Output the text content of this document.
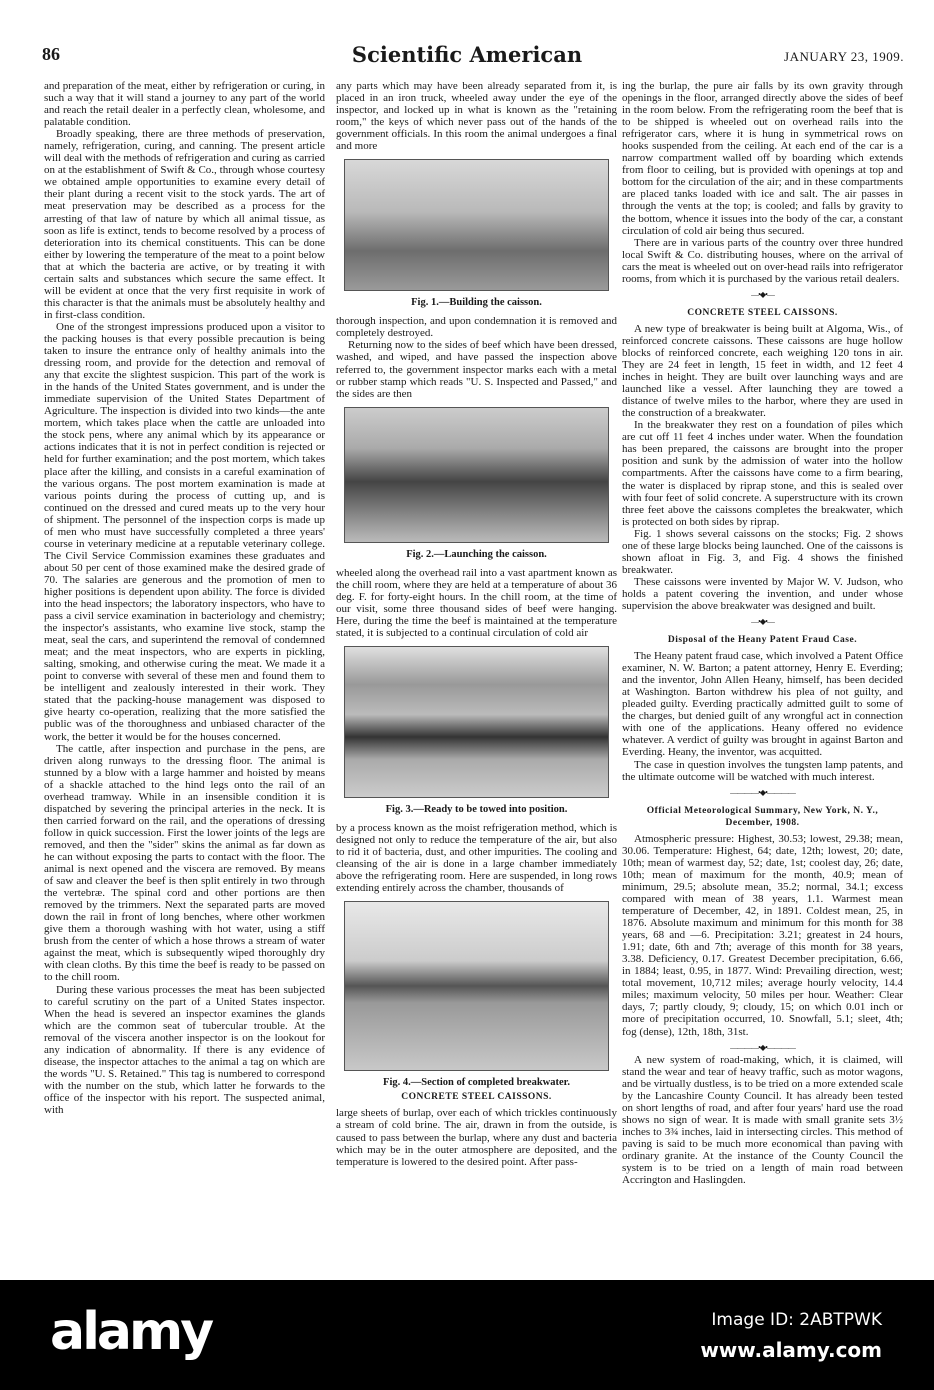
86	Scientific American	JANUARY 23, 1909.

and preparation of the meat, either by refrigeration or curing, in such a way that it will stand a journey to any part of the world and reach the retail dealer in a perfectly clean, wholesome, and palatable condition.

Broadly speaking, there are three methods of preservation, namely, refrigeration, curing, and canning. The present article will deal with the methods of refrigeration and curing as carried on at the establishment of Swift & Co., through whose courtesy we obtained ample opportunities to examine every detail of their plant during a recent visit to the stock yards. The art of meat preservation may be described as a process for the arresting of that law of nature by which all animal tissue, as soon as life is extinct, tends to become resolved by a process of deterioration into its chemical constituents. This can be done either by lowering the temperature of the meat to a point below that at which the bacteria are active, or by treating it with certain salts and substances which secure the same effect. It will be evident at once that the very first requisite in work of this character is that the animals must be absolutely healthy and in first-class condition.

One of the strongest impressions produced upon a visitor to the packing houses is that every possible precaution is being taken to insure the entrance only of healthy animals into the dressing room, and provide for the detection and removal of any that excite the slightest suspicion. This part of the work is in the hands of the United States government, and is under the immediate supervision of the United States Department of Agriculture. The inspection is divided into two kinds—the ante mortem, which takes place when the cattle are unloaded into the stock pens, where any animal which by its appearance or actions indicates that it is not in perfect condition is rejected or held for further examination; and the post mortem, which takes place after the killing, and consists in a careful examination of the various organs. The post mortem examination is made at various points during the process of cutting up, and is continued on the dressed and cured meats up to the very hour of shipment. The personnel of the inspection corps is made up of men who must have successfully completed a three years' course in veterinary medicine at a reputable veterinary college. The Civil Service Commission examines these graduates and about 50 per cent of those examined make the desired grade of 70. The salaries are generous and the promotion of men to higher positions is dependent upon ability. The force is divided into the head inspectors; the laboratory inspectors, who have to pass a civil service examination in bacteriology and chemistry; the inspector's assistants, who examine live stock, stamp the meat, seal the cars, and superintend the removal of condemned meat; and the meat inspectors, who are experts in pickling, salting, smoking, and otherwise curing the meat. We made it a point to converse with several of these men and found them to be intelligent and zealously interested in their work. They stated that the packing-house management was disposed to give hearty co-operation, realizing that the more satisfied the public was of the thoroughness and unbiased character of the work, the better it would be for the houses concerned.

The cattle, after inspection and purchase in the pens, are driven along runways to the dressing floor. The animal is stunned by a blow with a large hammer and hoisted by means of a shackle attached to the hind legs onto the rail of an overhead tramway. While in an insensible condition it is dispatched by severing the principal arteries in the neck. It is then carried forward on the rail, and the operations of dressing follow in quick succession. First the lower joints of the legs are removed, and then the "sider" skins the animal as far down as he can without exposing the parts to contact with the floor. The animal is next opened and the viscera are removed. By means of saw and cleaver the beef is then split entirely in two through the vertebræ. The spinal cord and other portions are then removed by the trimmers. Next the separated parts are moved down the rail in front of long benches, where other workmen give them a thorough washing with hot water, using a stiff brush from the center of which a hose throws a stream of water against the meat, which is subsequently wiped thoroughly dry with clean cloths. By this time the beef is ready to be passed on to the chill room.

During these various processes the meat has been subjected to careful scrutiny on the part of a United States inspector. When the head is severed an inspector examines the glands which are the common seat of tubercular trouble. At the removal of the viscera another inspector is on the lookout for any indication of abnormality. If there is any evidence of disease, the inspector attaches to the animal a tag on which are the words "U. S. Retained." This tag is numbered to correspond with the number on the stub, which latter he forwards to the office of the inspector with his report. The suspected animal, with

any parts which may have been already separated from it, is placed in an iron truck, wheeled away under the eye of the inspector, and locked up in what is known as the "retaining room," the keys of which never pass out of the hands of the government officials. In this room the animal undergoes a final and more

Fig. 1.—Building the caisson.

thorough inspection, and upon condemnation it is removed and completely destroyed.

Returning now to the sides of beef which have been dressed, washed, and wiped, and have passed the inspection above referred to, the government inspector marks each with a metal or rubber stamp which reads "U. S. Inspected and Passed," and the sides are then

Fig. 2.—Launching the caisson.

wheeled along the overhead rail into a vast apartment known as the chill room, where they are held at a temperature of about 36 deg. F. for forty-eight hours. In the chill room, at the time of our visit, some three thousand sides of beef were hanging. Here, during the time the beef is maintained at the temperature stated, it is subjected to a continual circulation of cold air

Fig. 3.—Ready to be towed into position.

by a process known as the moist refrigeration method, which is designed not only to reduce the temperature of the air, but also to rid it of bacteria, dust, and other impurities. The cooling and cleansing of the air is done in a large chamber immediately above the refrigerating room. Here are suspended, in long rows extending entirely across the chamber, thousands of

Fig. 4.—Section of completed breakwater.
CONCRETE STEEL CAISSONS.

large sheets of burlap, over each of which trickles continuously a stream of cold brine. The air, drawn in from the outside, is caused to pass between the burlap, where any dust and bacteria which may be in the outer atmosphere are deposited, and the temperature is lowered to the desired point. After pass-

ing the burlap, the pure air falls by its own gravity through openings in the floor, arranged directly above the sides of beef in the room below. From the refrigerating room the beef that is to be shipped is wheeled out on overhead rails into the refrigerator cars, where it is hung in symmetrical rows on hooks suspended from the ceiling. At each end of the car is a narrow compartment walled off by boarding which extends from floor to ceiling, but is provided with openings at top and bottom for the circulation of the air; and in these compartments are placed tanks loaded with ice and salt. The air passes in through the vents at the top; is cooled; and falls by gravity to the bottom, whence it issues into the body of the car, a constant circulation of cold air being thus secured.

There are in various parts of the country over three hundred local Swift & Co. distributing houses, where on the arrival of cars the meat is wheeled out on over-head rails into refrigerator rooms, from which it is purchased by the various retail dealers.

—•◆•—
CONCRETE STEEL CAISSONS.

A new type of breakwater is being built at Algoma, Wis., of reinforced concrete caissons. These caissons are huge hollow blocks of reinforced concrete, each weighing 120 tons in air. They are 24 feet in length, 15 feet in width, and 12 feet 4 inches in height. They are built over launching ways and are launched like a vessel. After launching they are towed a distance of twelve miles to the harbor, where they are used in the construction of a breakwater.

In the breakwater they rest on a foundation of piles which are cut off 11 feet 4 inches under water. When the foundation has been prepared, the caissons are brought into the proper position and sunk by the admission of water into the hollow compartments. After the caissons have come to a firm bearing, the water is displaced by riprap stone, and this is sealed over with four feet of solid concrete. A superstructure with its crown three feet above the caissons completes the breakwater, which is protected on both sides by riprap.

Fig. 1 shows several caissons on the stocks; Fig. 2 shows one of these large blocks being launched. One of the caissons is shown afloat in Fig. 3, and Fig. 4 shows the finished breakwater.

These caissons were invented by Major W. V. Judson, who holds a patent covering the invention, and under whose supervision the above breakwater was designed and built.

—•◆•—
Disposal of the Heany Patent Fraud Case.

The Heany patent fraud case, which involved a Patent Office examiner, N. W. Barton; a patent attorney, Henry E. Everding; and the inventor, John Allen Heany, himself, has been decided at Washington. Barton withdrew his plea of not guilty, and pleaded guilty. Everding practically admitted guilt to some of the charges, but denied guilt of any wrongful act in connection with one of the applications. Heany offered no evidence whatever. A verdict of guilty was brought in against Barton and Everding. Heany, the inventor, was acquitted.

The case in question involves the tungsten lamp patents, and the ultimate outcome will be watched with much interest.

————•◆•————
Official Meteorological Summary, New York, N. Y., December, 1908.

Atmospheric pressure: Highest, 30.53; lowest, 29.38; mean, 30.06. Temperature: Highest, 64; date, 12th; lowest, 20; date, 10th; mean of warmest day, 52; date, 1st; coolest day, 26; date, 10th; mean of maximum for the month, 40.9; mean of minimum, 29.5; absolute mean, 35.2; normal, 34.1; excess compared with mean of 38 years, 1.1. Warmest mean temperature of December, 42, in 1891. Coldest mean, 25, in 1876. Absolute maximum and minimum for this month for 38 years, 68 and —6. Precipitation: 3.21; greatest in 24 hours, 1.91; date, 6th and 7th; average of this month for 38 years, 3.38. Deficiency, 0.17. Greatest December precipitation, 6.66, in 1884; least, 0.95, in 1877. Wind: Prevailing direction, west; total movement, 10,712 miles; average hourly velocity, 14.4 miles; maximum velocity, 50 miles per hour. Weather: Clear days, 7; partly cloudy, 9; cloudy, 15; on which 0.01 inch or more of precipitation occurred, 10. Snowfall, 5.1; sleet, 4th; fog (dense), 12th, 18th, 31st.

————•◆•————

A new system of road-making, which, it is claimed, will stand the wear and tear of heavy traffic, such as motor wagons, and be virtually dustless, is to be tried on a more extended scale by the Lancashire County Council. It has already been tested on short lengths of road, and after four years' hard use the road shows no sign of wear. It is made with small granite sets 3½ inches to 3¾ inches, laid in intersecting circles. This method of paving is said to be much more economical than paving with ordinary granite. At the instance of the County Council the system is to be tried on a length of main road between Accrington and Haslingden.

alamy	Image ID: 2ABTPWK
www.alamy.com
